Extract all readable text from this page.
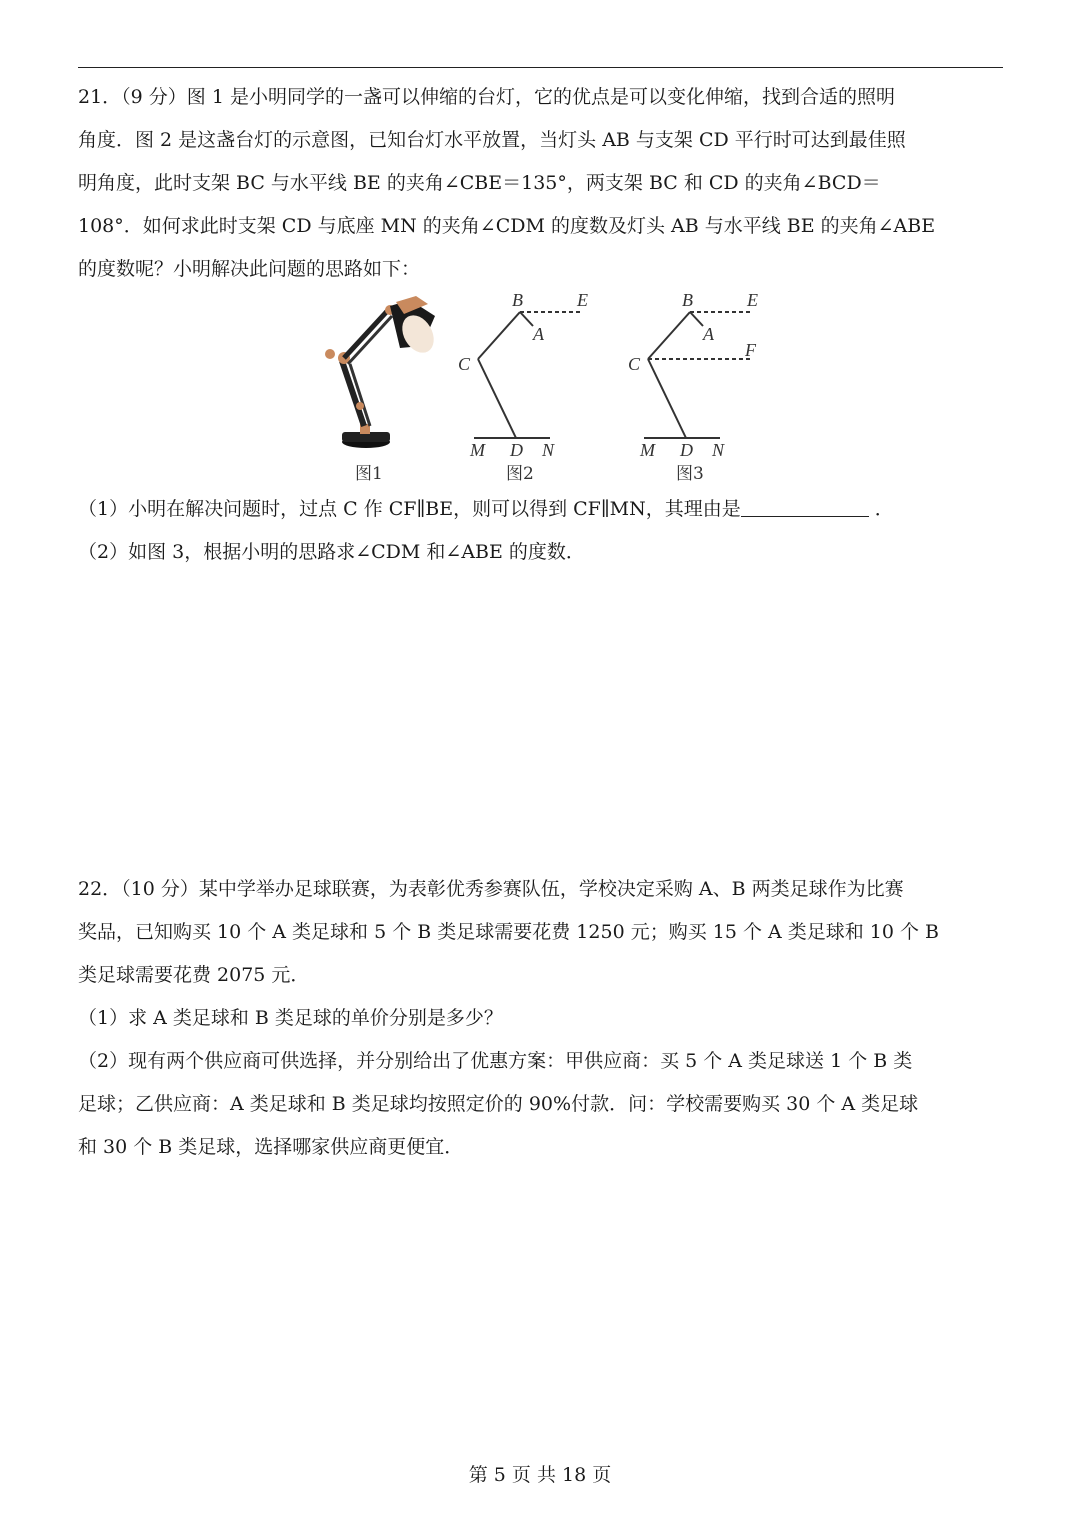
21．（9 分）图 1 是小明同学的一盏可以伸缩的台灯，它的优点是可以变化伸缩，找到合适的照明

角度．图 2 是这盏台灯的示意图，已知台灯水平放置，当灯头 AB 与支架 CD 平行时可达到最佳照

明角度，此时支架 BC 与水平线 BE 的夹角∠CBE＝135°，两支架 BC 和 CD 的夹角∠BCD＝

108°．如何求此时支架 CD 与底座 MN 的夹角∠CDM 的度数及灯头 AB 与水平线 BE 的夹角∠ABE

的度数呢？小明解决此问题的思路如下：

图1
B	E
A
C
M D N
图2
B	E
A
C
F
M D N
图3

（1）小明在解决问题时，过点 C 作 CF∥BE，则可以得到 CF∥MN，其理由是	．

（2）如图 3，根据小明的思路求∠CDM 和∠ABE 的度数．

22．（10 分）某中学举办足球联赛，为表彰优秀参赛队伍，学校决定采购 A、B 两类足球作为比赛

奖品，已知购买 10 个 A 类足球和 5 个 B 类足球需要花费 1250 元；购买 15 个 A 类足球和 10 个 B

类足球需要花费 2075 元．

（1）求 A 类足球和 B 类足球的单价分别是多少？

（2）现有两个供应商可供选择，并分别给出了优惠方案：甲供应商：买 5 个 A 类足球送 1 个 B 类

足球；乙供应商：A 类足球和 B 类足球均按照定价的 90%付款．问：学校需要购买 30 个 A 类足球

和 30 个 B 类足球，选择哪家供应商更便宜．

第 5 页 共 18 页
